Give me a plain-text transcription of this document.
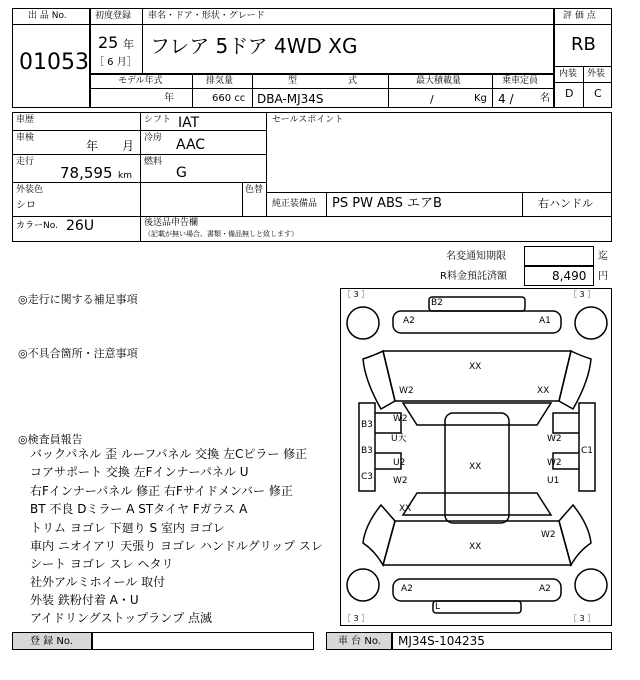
出 品 No.
01053
初度登録 車名・ドア・形状・グレード
25 年
［ 6 月］
フレア 5ドア 4WD XG
評 価 点
RB
内装 外装
D C
モデル年式	排気量	型	式	最大積載量	乗車定員
年	660 cc DBA-MJ34S	/	Kg 4 /	名
車歴	シフト IAT
車検
年 月
冷房 AAC
走行
78,595 km
燃料
G
セールスポイント
外装色
シロ
色替
純正装備品 PS PW ABS エアB	右ハンドル
カラーNo. 26U	後送品申告欄
（記載が無い場合、書類・備品無しと致します）
名変通知期限	迄
R料金預託済額	8,490 円
◎走行に関する補足事項
◎不具合箇所・注意事項
◎検査員報告
バックパネル 歪 ルーフパネル 交換 左Cピラー 修正
コアサポート 交換 左Fインナーパネル U
右Fインナーパネル 修正 右Fサイドメンバー 修正
BT 不良 Dミラー A STタイヤ Fガラス A
トリム ヨゴレ 下廻り S 室内 ヨゴレ
車内 ニオイアリ 天張り ヨゴレ ハンドルグリップ スレ
シート ヨゴレ スレ ヘタリ
社外アルミホイール 取付
外装 鉄粉付着 A・U
アイドリングストップランプ 点滅
［ 3 ］	［ 3 ］
［ 3 ］	［ 3 ］
B2
A2	A1
XX
W2	XX
B3
B3
C3
W2
U大
U2
W2
XX
W2
C1
W2
U1
XX
XX
W2
A2	A2
L
登 録 No.	車 台 No. MJ34S-104235
